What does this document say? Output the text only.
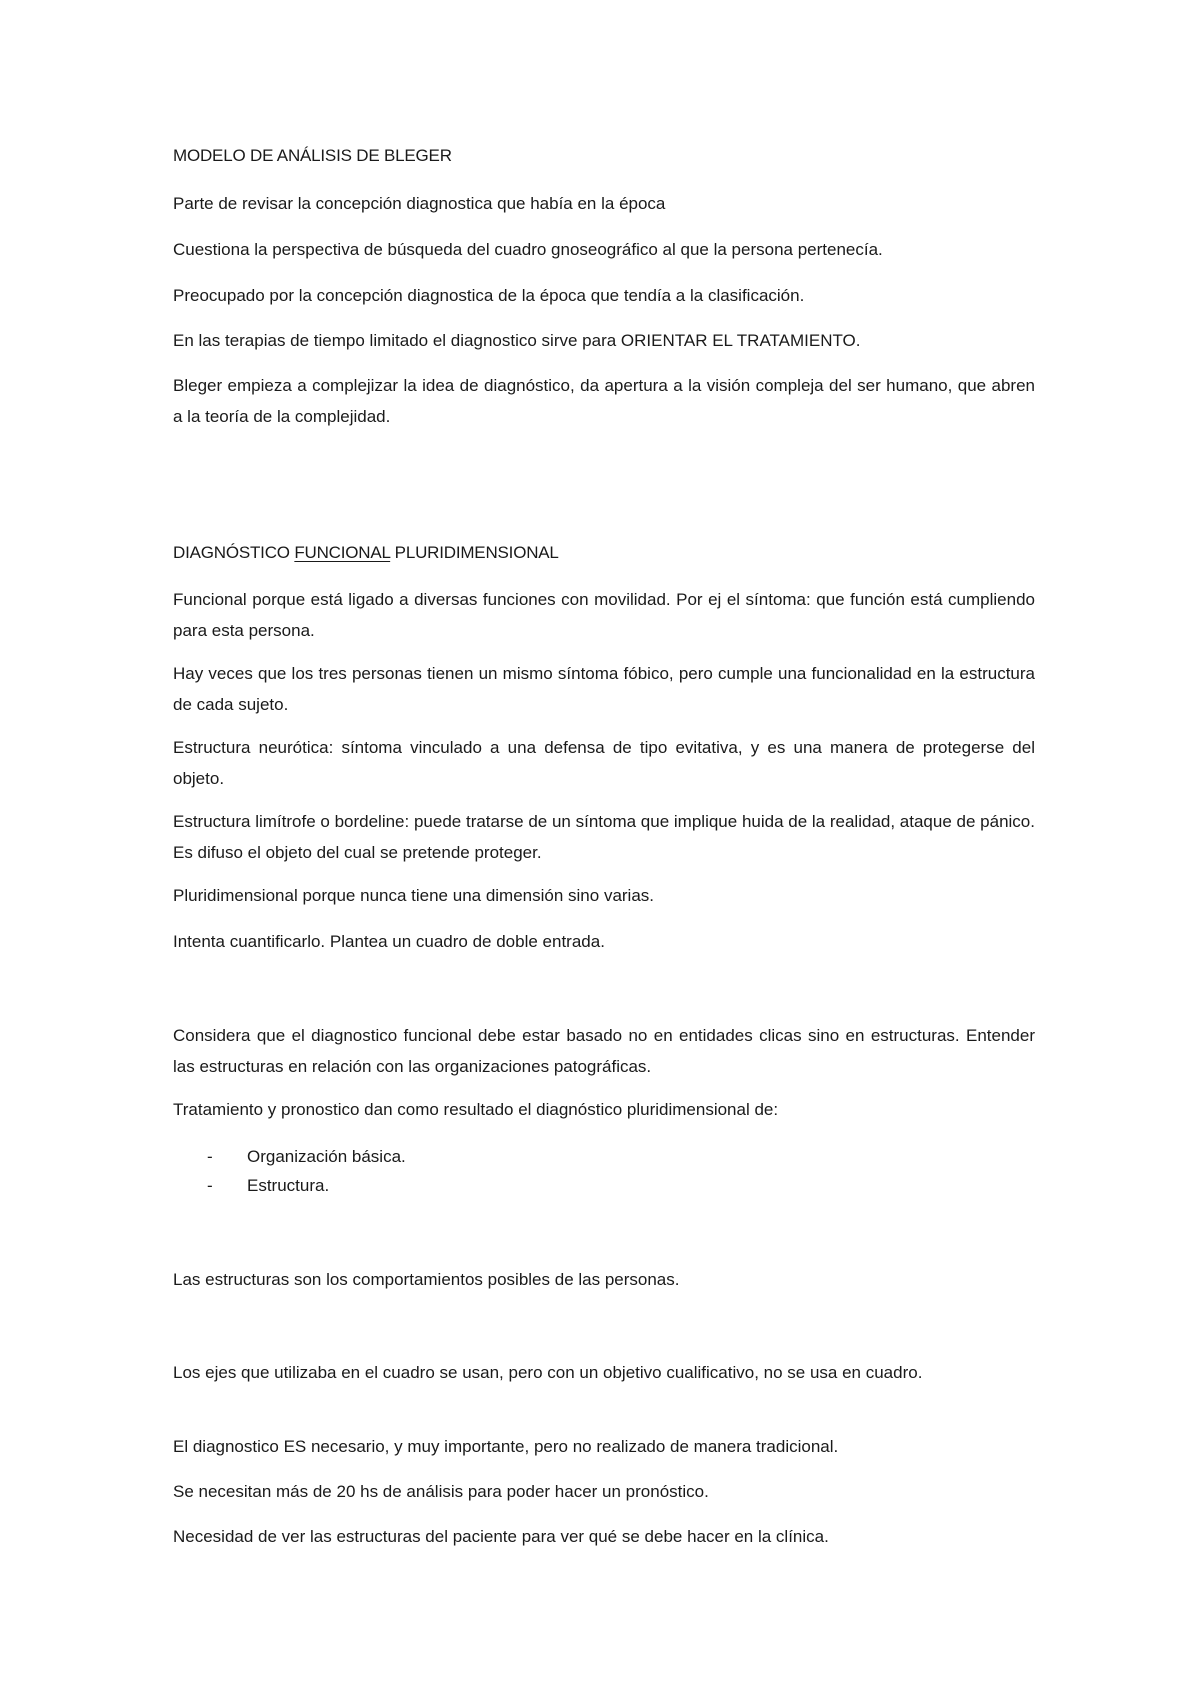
MODELO DE ANÁLISIS DE BLEGER

Parte de revisar la concepción diagnostica que había en la época

Cuestiona la perspectiva de búsqueda del cuadro gnoseográfico al que la persona pertenecía.

Preocupado por la concepción diagnostica de la época que tendía a la clasificación.

En las terapias de tiempo limitado el diagnostico sirve para ORIENTAR EL TRATAMIENTO.

Bleger empieza a complejizar la idea de diagnóstico, da apertura a la visión compleja del ser humano, que abren a la teoría de la complejidad.

DIAGNÓSTICO FUNCIONAL PLURIDIMENSIONAL

Funcional porque está ligado a diversas funciones con movilidad. Por ej el síntoma: que función está cumpliendo para esta persona.

Hay veces que los tres personas tienen un mismo síntoma fóbico, pero cumple una funcionalidad en la estructura de cada sujeto.

Estructura neurótica: síntoma vinculado a una defensa de tipo evitativa, y es una manera de protegerse del objeto.

Estructura limítrofe o bordeline: puede tratarse de un síntoma que implique huida de la realidad, ataque de pánico. Es difuso el objeto del cual se pretende proteger.

Pluridimensional porque nunca tiene una dimensión sino varias.

Intenta cuantificarlo. Plantea un cuadro de doble entrada.

Considera que el diagnostico funcional debe estar basado no en entidades clicas sino en estructuras. Entender las estructuras en relación con las organizaciones patográficas.

Tratamiento y pronostico dan como resultado el diagnóstico pluridimensional de:

- Organización básica.
- Estructura.

Las estructuras son los comportamientos posibles de las personas.

Los ejes que utilizaba en el cuadro se usan, pero con un objetivo cualificativo, no se usa en cuadro.

El diagnostico ES necesario, y muy importante, pero no realizado de manera tradicional.

Se necesitan más de 20 hs de análisis para poder hacer un pronóstico.

Necesidad de ver las estructuras del paciente para ver qué se debe hacer en la clínica.
